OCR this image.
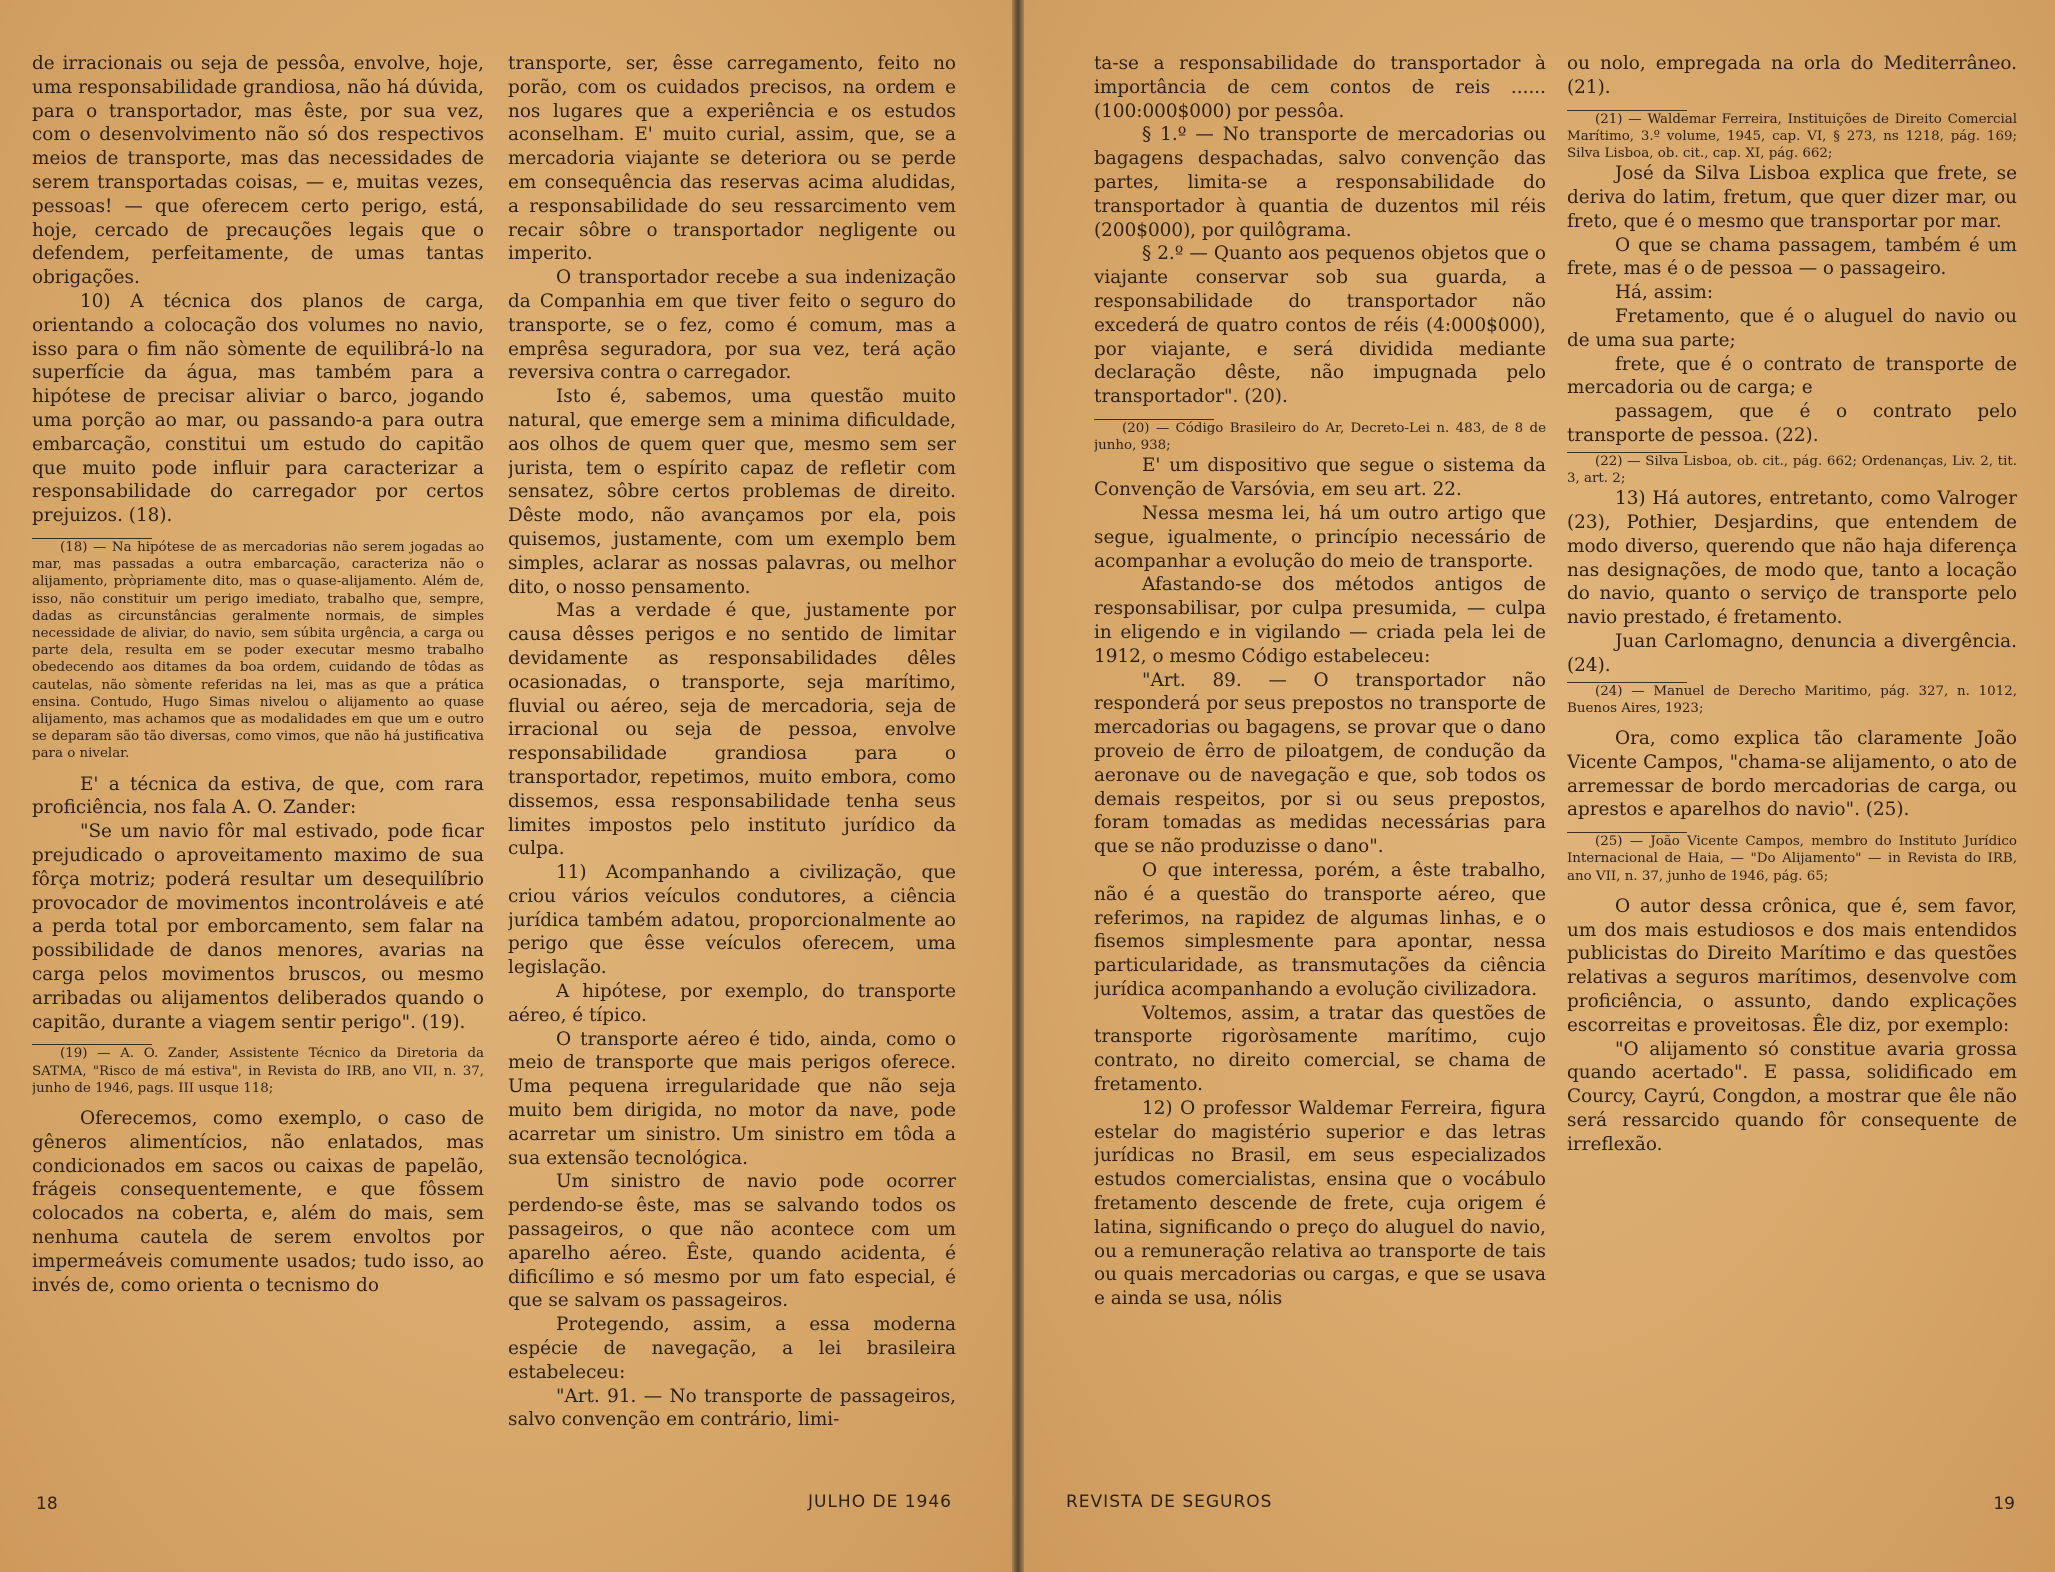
de irracionais ou seja de pessôa, envolve, hoje, uma responsabilidade grandiosa, não há dúvida, para o transportador, mas êste, por sua vez, com o desenvolvimento não só dos respectivos meios de transporte, mas das necessidades de serem transportadas coisas, — e, muitas vezes, pessoas! — que oferecem certo perigo, está, hoje, cercado de precauções legais que o defendem, perfeitamente, de umas tantas obrigações.

10) A técnica dos planos de carga, orientando a colocação dos volumes no navio, isso para o fim não sòmente de equilibrá-lo na superfície da água, mas também para a hipótese de precisar aliviar o barco, jogando uma porção ao mar, ou passando-a para outra embarcação, constitui um estudo do capitão que muito pode influir para caracterizar a responsabilidade do carregador por certos prejuizos. (18).

(18) — Na hipótese de as mercadorias não serem jogadas ao mar, mas passadas a outra embarcação, caracteriza não o alijamento, pròpriamente dito, mas o quase-alijamento. Além de, isso, não constituir um perigo imediato, trabalho que, sempre, dadas as circunstâncias geralmente normais, de simples necessidade de aliviar, do navio, sem súbita urgência, a carga ou parte dela, resulta em se poder executar mesmo trabalho obedecendo aos ditames da boa ordem, cuidando de tôdas as cautelas, não sòmente referidas na lei, mas as que a prática ensina. Contudo, Hugo Simas nivelou o alijamento ao quase alijamento, mas achamos que as modalidades em que um e outro se deparam são tão diversas, como vimos, que não há justificativa para o nivelar.

E' a técnica da estiva, de que, com rara proficiência, nos fala A. O. Zander:

"Se um navio fôr mal estivado, pode ficar prejudicado o aproveitamento maximo de sua fôrça motriz; poderá resultar um desequilíbrio provocador de movimentos incontroláveis e até a perda total por emborcamento, sem falar na possibilidade de danos menores, avarias na carga pelos movimentos bruscos, ou mesmo arribadas ou alijamentos deliberados quando o capitão, durante a viagem sentir perigo". (19).

(19) — A. O. Zander, Assistente Técnico da Diretoria da SATMA, "Risco de má estiva", in Revista do IRB, ano VII, n. 37, junho de 1946, pags. III usque 118;

Oferecemos, como exemplo, o caso de gêneros alimentícios, não enlatados, mas condicionados em sacos ou caixas de papelão, frágeis consequentemente, e que fôssem colocados na coberta, e, além do mais, sem nenhuma cautela de serem envoltos por impermeáveis comumente usados; tudo isso, ao invés de, como orienta o tecnismo do

transporte, ser, êsse carregamento, feito no porão, com os cuidados precisos, na ordem e nos lugares que a experiência e os estudos aconselham. E' muito curial, assim, que, se a mercadoria viajante se deteriora ou se perde em consequência das reservas acima aludidas, a responsabilidade do seu ressarcimento vem recair sôbre o transportador negligente ou imperito.

O transportador recebe a sua indenização da Companhia em que tiver feito o seguro do transporte, se o fez, como é comum, mas a emprêsa seguradora, por sua vez, terá ação reversiva contra o carregador.

Isto é, sabemos, uma questão muito natural, que emerge sem a minima dificuldade, aos olhos de quem quer que, mesmo sem ser jurista, tem o espírito capaz de refletir com sensatez, sôbre certos problemas de direito. Dêste modo, não avançamos por ela, pois quisemos, justamente, com um exemplo bem simples, aclarar as nossas palavras, ou melhor dito, o nosso pensamento.

Mas a verdade é que, justamente por causa dêsses perigos e no sentido de limitar devidamente as responsabilidades dêles ocasionadas, o transporte, seja marítimo, fluvial ou aéreo, seja de mercadoria, seja de irracional ou seja de pessoa, envolve responsabilidade grandiosa para o transportador, repetimos, muito embora, como dissemos, essa responsabilidade tenha seus limites impostos pelo instituto jurídico da culpa.

11) Acompanhando a civilização, que criou vários veículos condutores, a ciência jurídica também adatou, proporcionalmente ao perigo que êsse veículos oferecem, uma legislação.

A hipótese, por exemplo, do transporte aéreo, é típico.

O transporte aéreo é tido, ainda, como o meio de transporte que mais perigos oferece. Uma pequena irregularidade que não seja muito bem dirigida, no motor da nave, pode acarretar um sinistro. Um sinistro em tôda a sua extensão tecnológica.

Um sinistro de navio pode ocorrer perdendo-se êste, mas se salvando todos os passageiros, o que não acontece com um aparelho aéreo. Êste, quando acidenta, é dificílimo e só mesmo por um fato especial, é que se salvam os passageiros.

Protegendo, assim, a essa moderna espécie de navegação, a lei brasileira estabeleceu:

"Art. 91. — No transporte de passageiros, salvo convenção em contrário, limi-

18	JULHO DE 1946

ta-se a responsabilidade do transportador à importância de cem contos de reis ...... (100:000$000) por pessôa.

§ 1.º — No transporte de mercadorias ou bagagens despachadas, salvo convenção das partes, limita-se a responsabilidade do transportador à quantia de duzentos mil réis (200$000), por quilôgrama.

§ 2.º — Quanto aos pequenos objetos que o viajante conservar sob sua guarda, a responsabilidade do transportador não excederá de quatro contos de réis (4:000$000), por viajante, e será dividida mediante declaração dêste, não impugnada pelo transportador". (20).

(20) — Código Brasileiro do Ar, Decreto-Lei n. 483, de 8 de junho, 938;

E' um dispositivo que segue o sistema da Convenção de Varsóvia, em seu art. 22.

Nessa mesma lei, há um outro artigo que segue, igualmente, o princípio necessário de acompanhar a evolução do meio de transporte.

Afastando-se dos métodos antigos de responsabilisar, por culpa presumida, — culpa in eligendo e in vigilando — criada pela lei de 1912, o mesmo Código estabeleceu:

"Art. 89. — O transportador não responderá por seus prepostos no transporte de mercadorias ou bagagens, se provar que o dano proveio de êrro de piloatgem, de condução da aeronave ou de navegação e que, sob todos os demais respeitos, por si ou seus prepostos, foram tomadas as medidas necessárias para que se não produzisse o dano".

O que interessa, porém, a êste trabalho, não é a questão do transporte aéreo, que referimos, na rapidez de algumas linhas, e o fisemos simplesmente para apontar, nessa particularidade, as transmutações da ciência jurídica acompanhando a evolução civilizadora.

Voltemos, assim, a tratar das questões de transporte rigoròsamente marítimo, cujo contrato, no direito comercial, se chama de fretamento.

12) O professor Waldemar Ferreira, figura estelar do magistério superior e das letras jurídicas no Brasil, em seus especializados estudos comercialistas, ensina que o vocábulo fretamento descende de frete, cuja origem é latina, significando o preço do aluguel do navio, ou a remuneração relativa ao transporte de tais ou quais mercadorias ou cargas, e que se usava e ainda se usa, nólis

ou nolo, empregada na orla do Mediterrâneo. (21).

(21) — Waldemar Ferreira, Instituições de Direito Comercial Marítimo, 3.º volume, 1945, cap. VI, § 273, ns 1218, pág. 169; Silva Lisboa, ob. cit., cap. XI, pág. 662;

José da Silva Lisboa explica que frete, se deriva do latim, fretum, que quer dizer mar, ou freto, que é o mesmo que transportar por mar.

O que se chama passagem, também é um frete, mas é o de pessoa — o passageiro.

Há, assim:

Fretamento, que é o aluguel do navio ou de uma sua parte;

frete, que é o contrato de transporte de mercadoria ou de carga; e

passagem, que é o contrato pelo transporte de pessoa. (22).

(22) — Silva Lisboa, ob. cit., pág. 662; Ordenanças, Liv. 2, tit. 3, art. 2;

13) Há autores, entretanto, como Valroger (23), Pothier, Desjardins, que entendem de modo diverso, querendo que não haja diferença nas designações, de modo que, tanto a locação do navio, quanto o serviço de transporte pelo navio prestado, é fretamento.

Juan Carlomagno, denuncia a divergência. (24).

(24) — Manuel de Derecho Maritimo, pág. 327, n. 1012, Buenos Aires, 1923;

Ora, como explica tão claramente João Vicente Campos, "chama-se alijamento, o ato de arremessar de bordo mercadorias de carga, ou aprestos e aparelhos do navio". (25).

(25) — João Vicente Campos, membro do Instituto Jurídico Internacional de Haia, — "Do Alijamento" — in Revista do IRB, ano VII, n. 37, junho de 1946, pág. 65;

O autor dessa crônica, que é, sem favor, um dos mais estudiosos e dos mais entendidos publicistas do Direito Marítimo e das questões relativas a seguros marítimos, desenvolve com proficiência, o assunto, dando explicações escorreitas e proveitosas. Êle diz, por exemplo:

"O alijamento só constitue avaria grossa quando acertado". E passa, solidificado em Courcy, Cayrú, Congdon, a mostrar que êle não será ressarcido quando fôr consequente de irreflexão.

REVISTA DE SEGUROS	19
